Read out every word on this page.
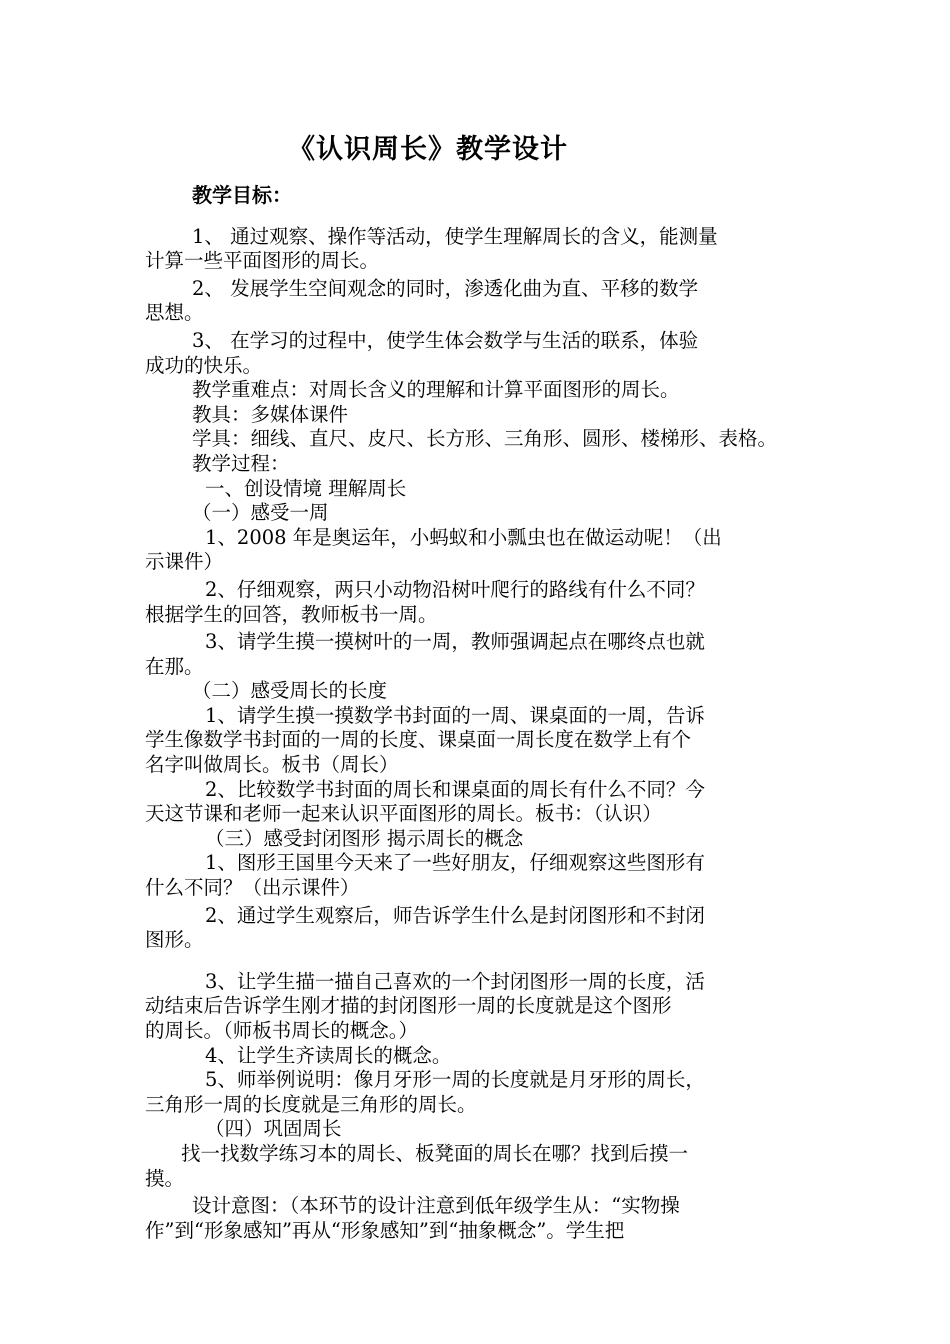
《认识周长》教学设计
教学目标：
1、 通过观察、操作等活动，使学生理解周长的含义，能测量
计算一些平面图形的周长。
2、 发展学生空间观念的同时，渗透化曲为直、平移的数学
思想。
3、 在学习的过程中，使学生体会数学与生活的联系，体验
成功的快乐。
教学重难点：对周长含义的理解和计算平面图形的周长。
教具：多媒体课件
学具：细线、直尺、皮尺、长方形、三角形、圆形、楼梯形、表格。
教学过程：
一、创设情境 理解周长
（一）感受一周
1、2008 年是奥运年，小蚂蚁和小瓢虫也在做运动呢！（出
示课件）
2、仔细观察，两只小动物沿树叶爬行的路线有什么不同？
根据学生的回答，教师板书一周。
3、请学生摸一摸树叶的一周，教师强调起点在哪终点也就
在那。
（二）感受周长的长度
1、请学生摸一摸数学书封面的一周、课桌面的一周，告诉
学生像数学书封面的一周的长度、课桌面一周长度在数学上有个
名字叫做周长。板书（周长）
2、比较数学书封面的周长和课桌面的周长有什么不同？今
天这节课和老师一起来认识平面图形的周长。板书：（认识）
（三）感受封闭图形 揭示周长的概念
1、图形王国里今天来了一些好朋友，仔细观察这些图形有
什么不同？（出示课件）
2、通过学生观察后，师告诉学生什么是封闭图形和不封闭
图形。
3、让学生描一描自己喜欢的一个封闭图形一周的长度，活
动结束后告诉学生刚才描的封闭图形一周的长度就是这个图形
的周长。（师板书周长的概念。）
4、让学生齐读周长的概念。
5、师举例说明：像月牙形一周的长度就是月牙形的周长，
三角形一周的长度就是三角形的周长。
（四）巩固周长
找一找数学练习本的周长、板凳面的周长在哪？找到后摸一
摸。
设计意图：（本环节的设计注意到低年级学生从：“实物操
作”到“形象感知”再从“形象感知”到“抽象概念”。学生把
